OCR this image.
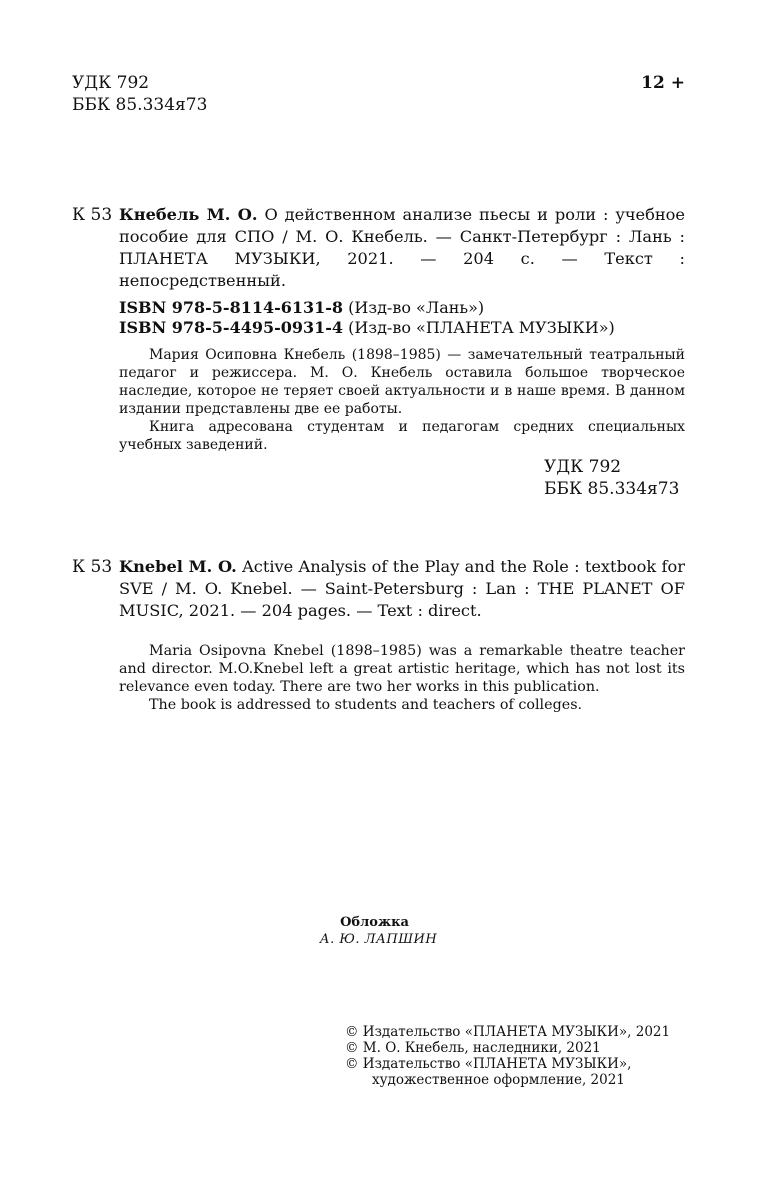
УДК 792
ББК 85.334я73
12 +
К 53 Кнебель М. О. О действенном анализе пьесы и роли : учебное пособие для СПО / М. О. Кнебель. — Санкт-Петербург : Лань : ПЛАНЕТА МУЗЫКИ, 2021. — 204 с. — Текст : непосредственный.
ISBN 978-5-8114-6131-8 (Изд-во «Лань»)
ISBN 978-5-4495-0931-4 (Изд-во «ПЛАНЕТА МУЗЫКИ»)

Мария Осиповна Кнебель (1898–1985) — замечательный театральный педагог и режиссера. М. О. Кнебель оставила большое творческое наследие, которое не теряет своей актуальности и в наше время. В данном издании представлены две ее работы.

Книга адресована студентам и педагогам средних специальных учебных заведений.

УДК 792
ББК 85.334я73
К 53 Knebel M. O. Active Analysis of the Play and the Role : textbook for SVE / M. O. Knebel. — Saint-Petersburg : Lan : THE PLANET OF MUSIC, 2021. — 204 pages. — Text : direct.

Maria Osipovna Knebel (1898–1985) was a remarkable theatre teacher and director. M.O.Knebel left a great artistic heritage, which has not lost its relevance even today. There are two her works in this publication.

The book is addressed to students and teachers of colleges.

Обложка
А. Ю. ЛАПШИН
© Издательство «ПЛАНЕТА МУЗЫКИ», 2021
© М. О. Кнебель, наследники, 2021
© Издательство «ПЛАНЕТА МУЗЫКИ»,
художественное оформление, 2021
